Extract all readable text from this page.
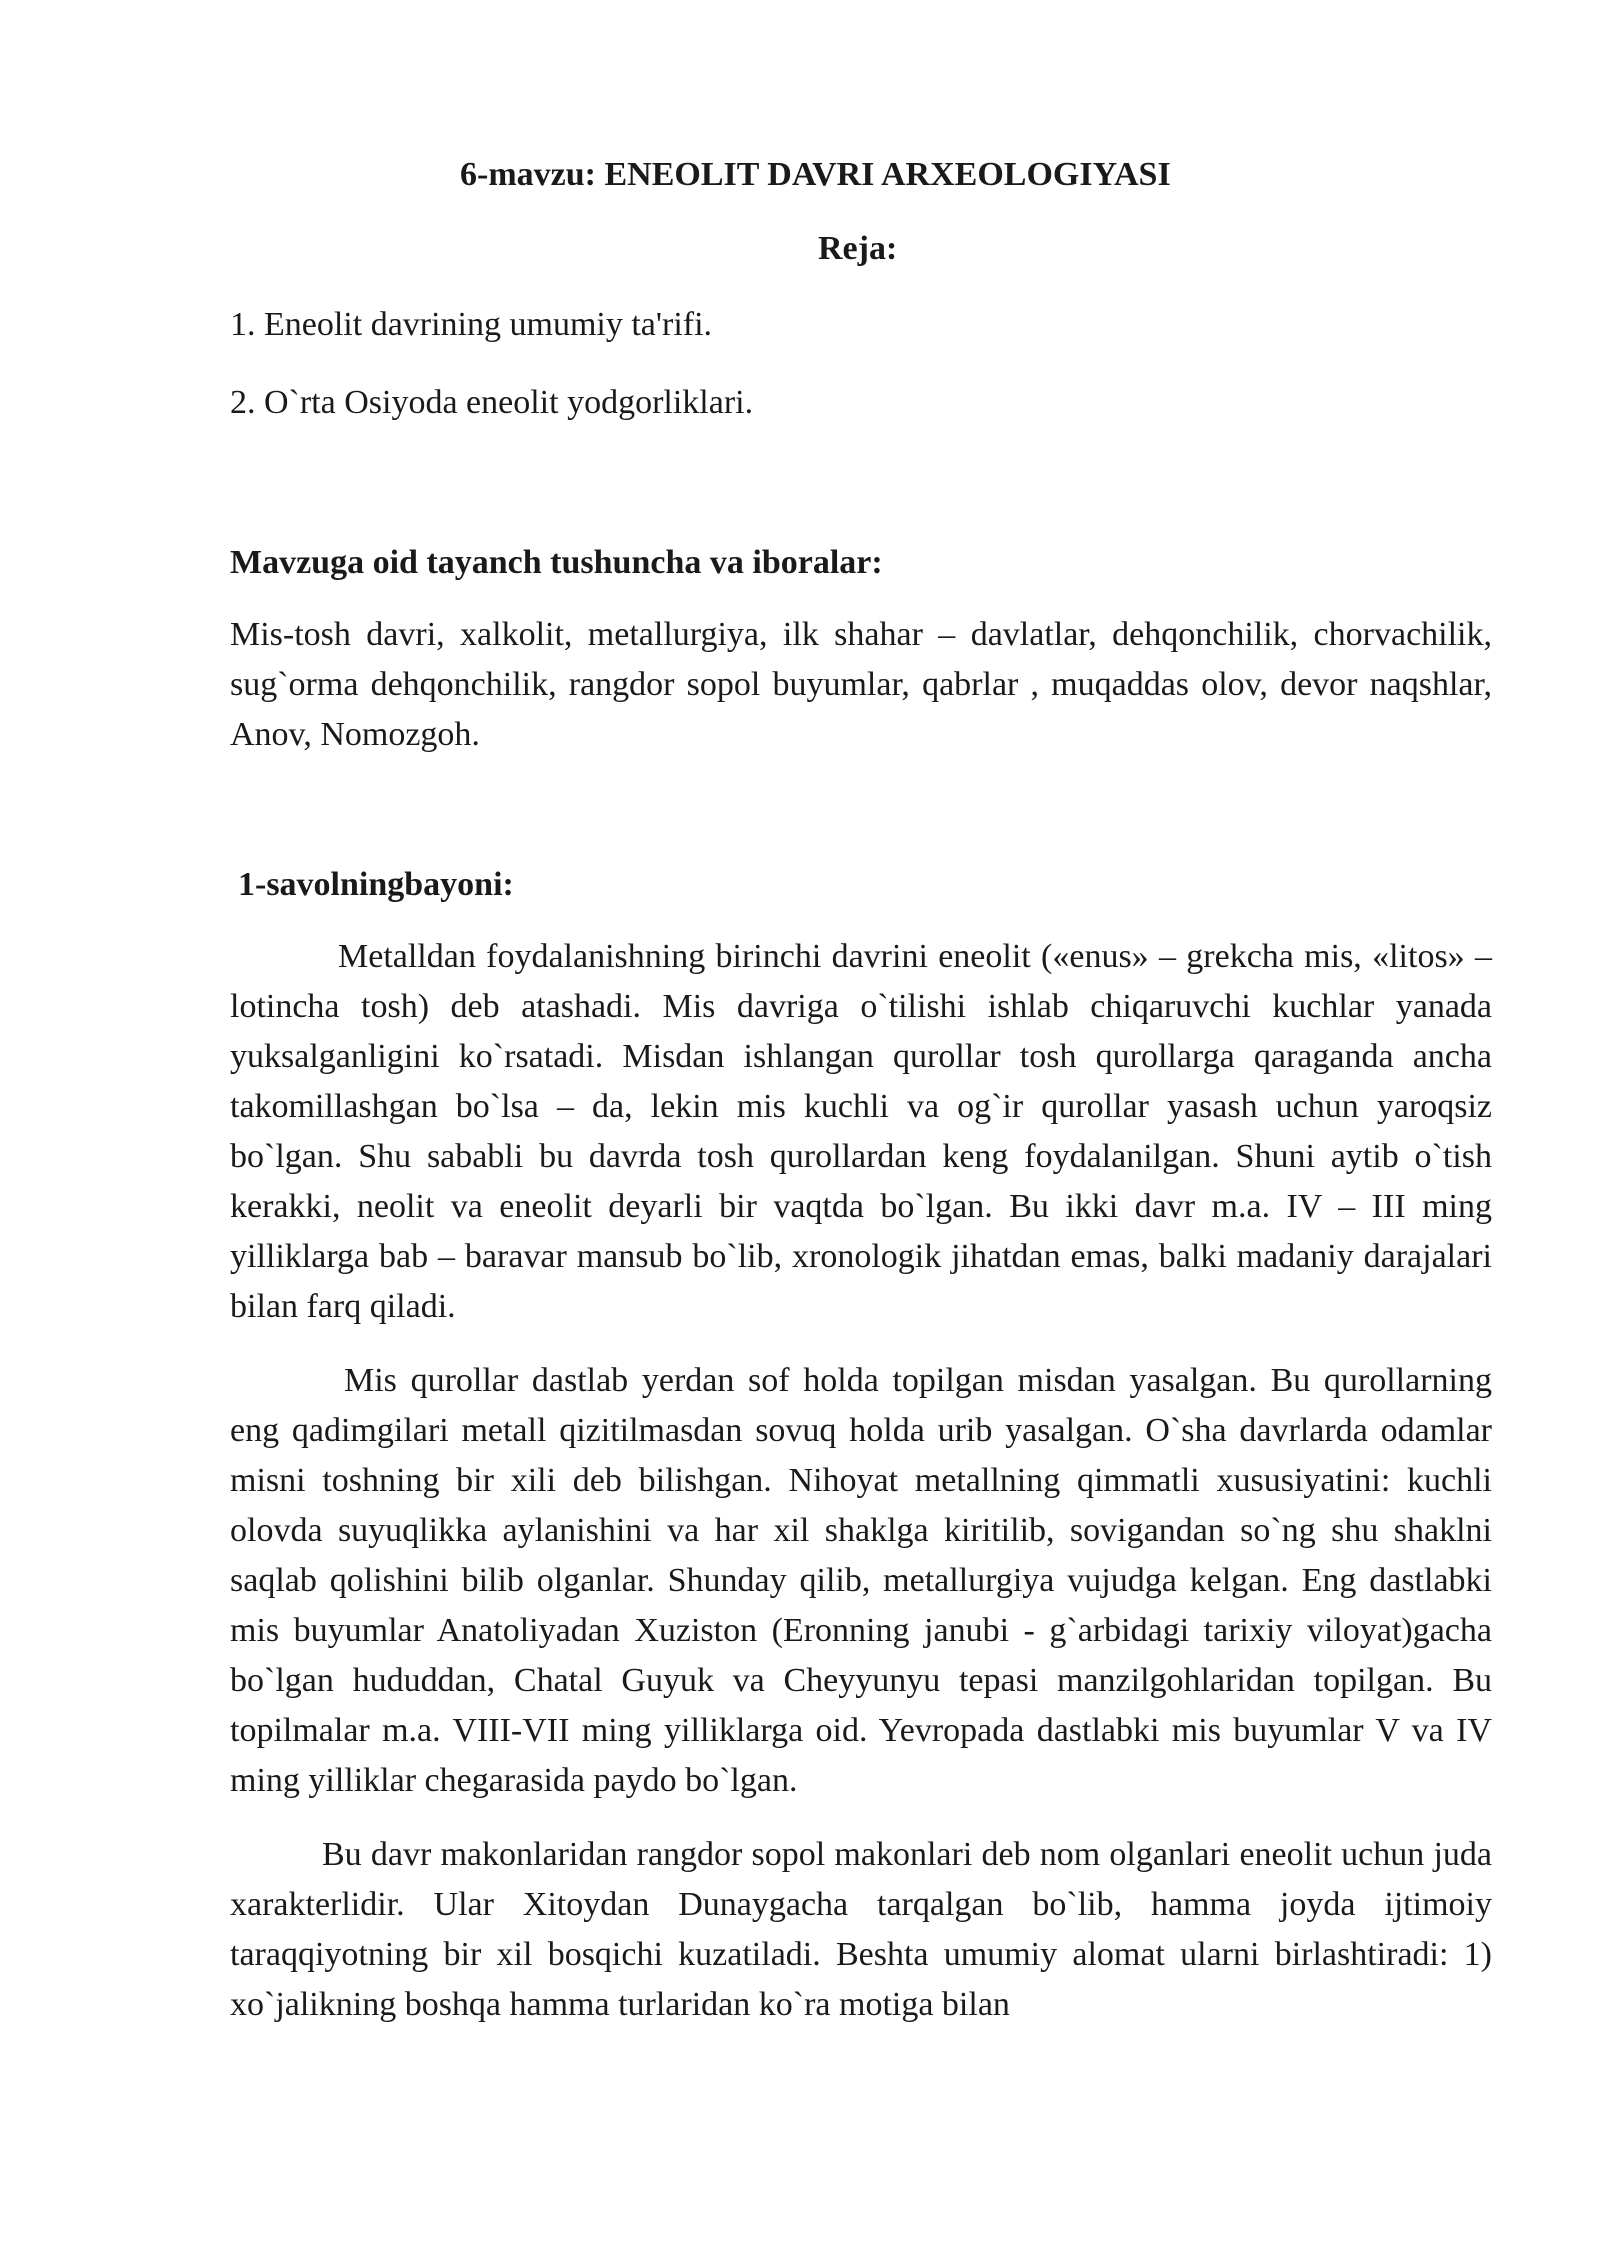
6-mavzu: ENEOLIT DAVRI ARXEOLOGIYASI

Reja:

1. Eneolit davrining umumiy ta'rifi.

2. O`rta Osiyoda eneolit yodgorliklari.

Mavzuga oid tayanch tushuncha va iboralar:

Mis-tosh davri, xalkolit, metallurgiya, ilk shahar – davlatlar, dehqonchilik, chorvachilik, sug`orma dehqonchilik, rangdor sopol buyumlar, qabrlar , muqaddas olov, devor naqshlar, Anov, Nomozgoh.

1-savolningbayoni:

Metalldan foydalanishning birinchi davrini eneolit («enus» – grekcha mis, «litos» – lotincha tosh) deb atashadi. Mis davriga o`tilishi ishlab chiqaruvchi kuchlar yanada yuksalganligini ko`rsatadi. Misdan ishlangan qurollar tosh qurollarga qaraganda ancha takomillashgan bo`lsa – da, lekin mis kuchli va og`ir qurollar yasash uchun yaroqsiz bo`lgan. Shu sababli bu davrda tosh qurollardan keng foydalanilgan. Shuni aytib o`tish kerakki, neolit va eneolit deyarli bir vaqtda bo`lgan. Bu ikki davr m.a. IV – III ming yilliklarga bab – baravar mansub bo`lib, xronologik jihatdan emas, balki madaniy darajalari bilan farq qiladi.

Mis qurollar dastlab yerdan sof holda topilgan misdan yasalgan. Bu qurollarning eng qadimgilari metall qizitilmasdan sovuq holda urib yasalgan. O`sha davrlarda odamlar misni toshning bir xili deb bilishgan. Nihoyat metallning qimmatli xususiyatini: kuchli olovda suyuqlikka aylanishini va har xil shaklga kiritilib, sovigandan so`ng shu shaklni saqlab qolishini bilib olganlar. Shunday qilib, metallurgiya vujudga kelgan. Eng dastlabki mis buyumlar Anatoliyadan Xuziston (Eronning janubi - g`arbidagi tarixiy viloyat)gacha bo`lgan hududdan, Chatal Guyuk va Cheyyunyu tepasi manzilgohlaridan topilgan. Bu topilmalar m.a. VIII-VII ming yilliklarga oid. Yevropada dastlabki mis buyumlar V va IV ming yilliklar chegarasida paydo bo`lgan.

Bu davr makonlaridan rangdor sopol makonlari deb nom olganlari eneolit uchun juda xarakterlidir. Ular Xitoydan Dunaygacha tarqalgan bo`lib, hamma joyda ijtimoiy taraqqiyotning bir xil bosqichi kuzatiladi. Beshta umumiy alomat ularni birlashtiradi: 1) xo`jalikning boshqa hamma turlaridan ko`ra motiga bilan
